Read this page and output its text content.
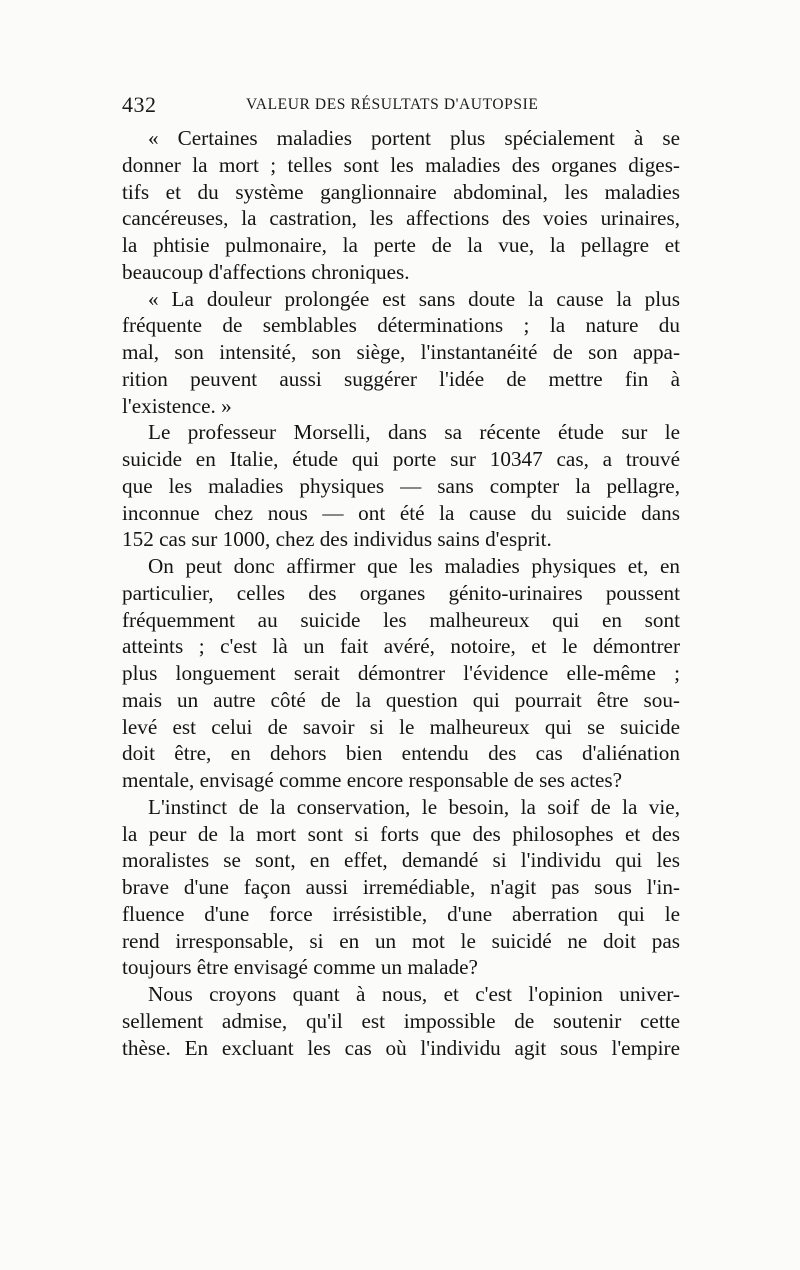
432	VALEUR DES RÉSULTATS D'AUTOPSIE
« Certaines maladies portent plus spécialement à se
donner la mort ; telles sont les maladies des organes diges-
tifs et du système ganglionnaire abdominal, les maladies
cancéreuses, la castration, les affections des voies urinaires,
la phtisie pulmonaire, la perte de la vue, la pellagre et
beaucoup d'affections chroniques.
« La douleur prolongée est sans doute la cause la plus
fréquente de semblables déterminations ; la nature du
mal, son intensité, son siège, l'instantanéité de son appa-
rition peuvent aussi suggérer l'idée de mettre fin à
l'existence. »
Le professeur Morselli, dans sa récente étude sur le
suicide en Italie, étude qui porte sur 10347 cas, a trouvé
que les maladies physiques — sans compter la pellagre,
inconnue chez nous — ont été la cause du suicide dans
152 cas sur 1000, chez des individus sains d'esprit.
On peut donc affirmer que les maladies physiques et, en
particulier, celles des organes génito-urinaires poussent
fréquemment au suicide les malheureux qui en sont
atteints ; c'est là un fait avéré, notoire, et le démontrer
plus longuement serait démontrer l'évidence elle-même ;
mais un autre côté de la question qui pourrait être sou-
levé est celui de savoir si le malheureux qui se suicide
doit être, en dehors bien entendu des cas d'aliénation
mentale, envisagé comme encore responsable de ses actes?
L'instinct de la conservation, le besoin, la soif de la vie,
la peur de la mort sont si forts que des philosophes et des
moralistes se sont, en effet, demandé si l'individu qui les
brave d'une façon aussi irremédiable, n'agit pas sous l'in-
fluence d'une force irrésistible, d'une aberration qui le
rend irresponsable, si en un mot le suicidé ne doit pas
toujours être envisagé comme un malade?
Nous croyons quant à nous, et c'est l'opinion univer-
sellement admise, qu'il est impossible de soutenir cette
thèse. En excluant les cas où l'individu agit sous l'empire
